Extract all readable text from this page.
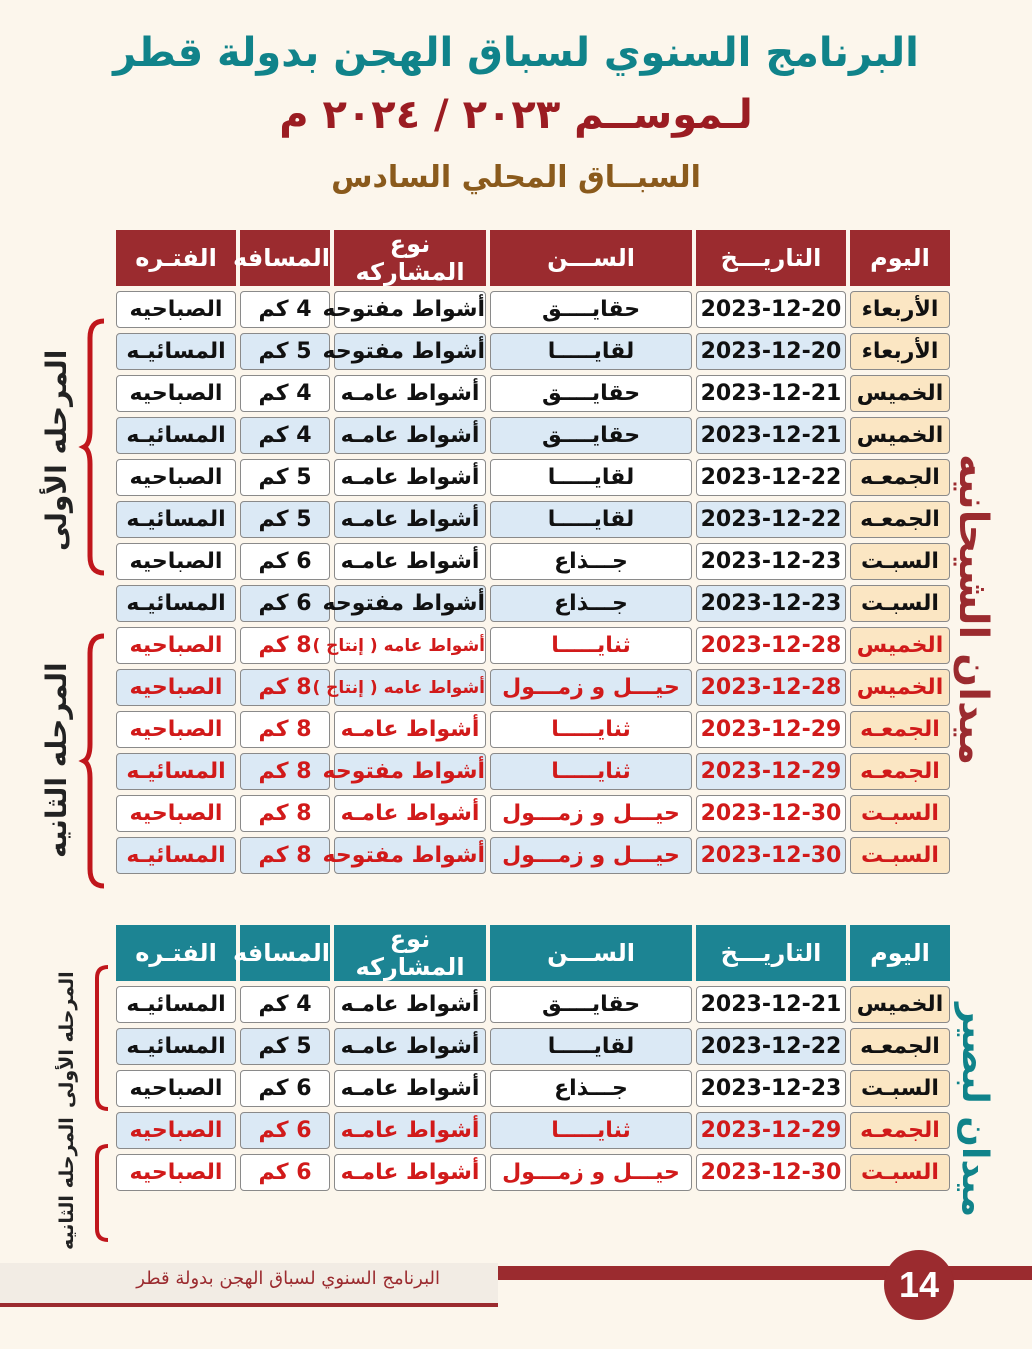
البرنامج السنوي لسباق الهجن بدولة قطر
لـموســم ٢٠٢٣ / ٢٠٢٤ م
السبــاق المحلي السادس
اليوم	التاريـــخ	الســـن	نوع المشاركه	المسافه	الفتـره
الأربعاء	2023-12-20	حقايــــق	أشواط مفتوحه	4 كم	الصباحيه
الأربعاء	2023-12-20	لقايـــــا	أشواط مفتوحه	5 كم	المسائيـه
الخميس	2023-12-21	حقايــــق	أشواط عامـه	4 كم	الصباحيه
الخميس	2023-12-21	حقايــــق	أشواط عامـه	4 كم	المسائيـه
الجمعـه	2023-12-22	لقايـــــا	أشواط عامـه	5 كم	الصباحيه
الجمعـه	2023-12-22	لقايـــــا	أشواط عامـه	5 كم	المسائيـه
السبـت	2023-12-23	جـــذاع	أشواط عامـه	6 كم	الصباحيه
السبـت	2023-12-23	جـــذاع	أشواط مفتوحه	6 كم	المسائيـه
الخميس	2023-12-28	ثنايـــــا	أشواط عامه ( إنتاج )	8 كم	الصباحيه
الخميس	2023-12-28	حيـــل و زمـــول	أشواط عامه ( إنتاج )	8 كم	الصباحيه
الجمعـه	2023-12-29	ثنايـــــا	أشواط عامـه	8 كم	الصباحيه
الجمعـه	2023-12-29	ثنايـــــا	أشواط مفتوحه	8 كم	المسائيـه
السبـت	2023-12-30	حيـــل و زمـــول	أشواط عامـه	8 كم	الصباحيه
السبـت	2023-12-30	حيـــل و زمـــول	أشواط مفتوحه	8 كم	المسائيـه
اليوم	التاريـــخ	الســـن	نوع المشاركه	المسافه	الفتـره
الخميس	2023-12-21	حقايــــق	أشواط عامـه	4 كم	المسائيـه
الجمعـه	2023-12-22	لقايـــــا	أشواط عامـه	5 كم	المسائيـه
السبـت	2023-12-23	جـــذاع	أشواط عامـه	6 كم	الصباحيه
الجمعـه	2023-12-29	ثنايـــــا	أشواط عامـه	6 كم	الصباحيه
السبـت	2023-12-30	حيـــل و زمـــول	أشواط عامـه	6 كم	الصباحيه
ميدان الشيحانيه
ميدان لبصير
المرحله الأولى
المرحله الثانيه
المرحله الأولى
المرحله الثانيه
البرنامج السنوي لسباق الهجن بدولة قطر	14
